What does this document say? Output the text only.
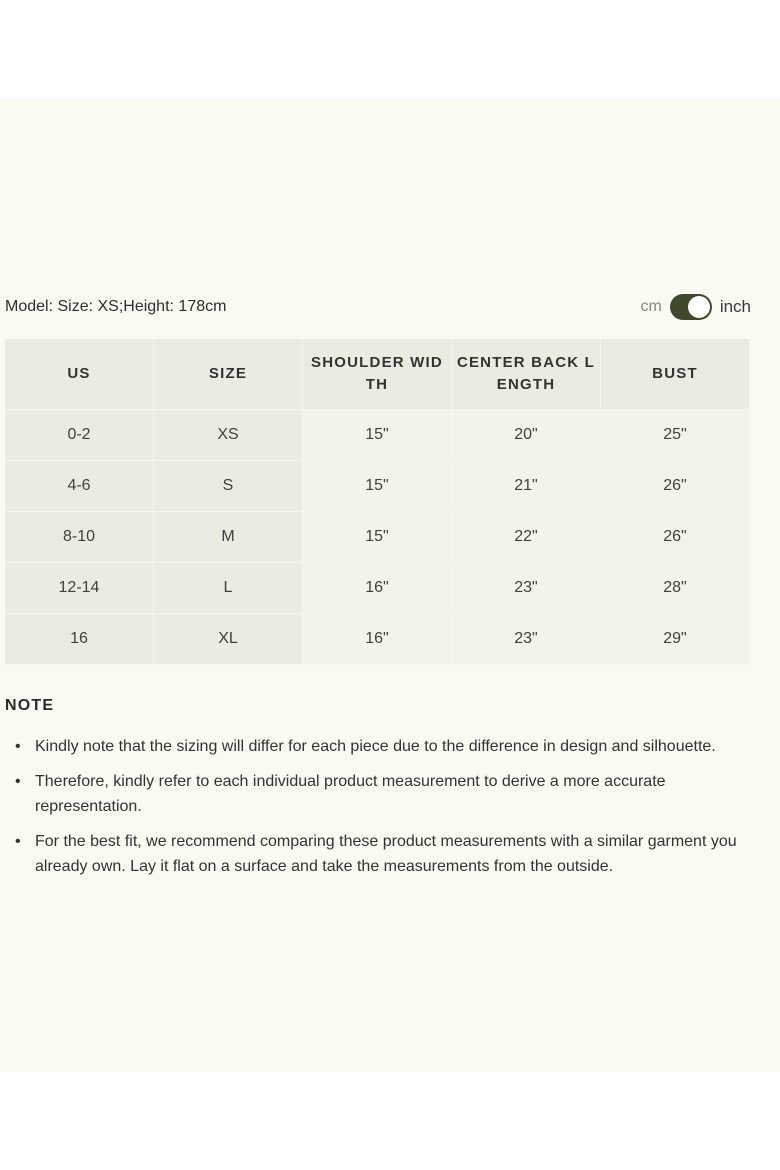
Model: Size: XS;Height: 178cm	cm	inch
US	SIZE	SHOULDER WIDTH	CENTER BACK LENGTH	BUST
0-2	XS	15"	20"	25"
4-6	S	15"	21"	26"
8-10	M	15"	22"	26"
12-14	L	16"	23"	28"
16	XL	16"	23"	29"
NOTE
• Kindly note that the sizing will differ for each piece due to the difference in design and silhouette.
• Therefore, kindly refer to each individual product measurement to derive a more accurate representation.
• For the best fit, we recommend comparing these product measurements with a similar garment you already own. Lay it flat on a surface and take the measurements from the outside.
